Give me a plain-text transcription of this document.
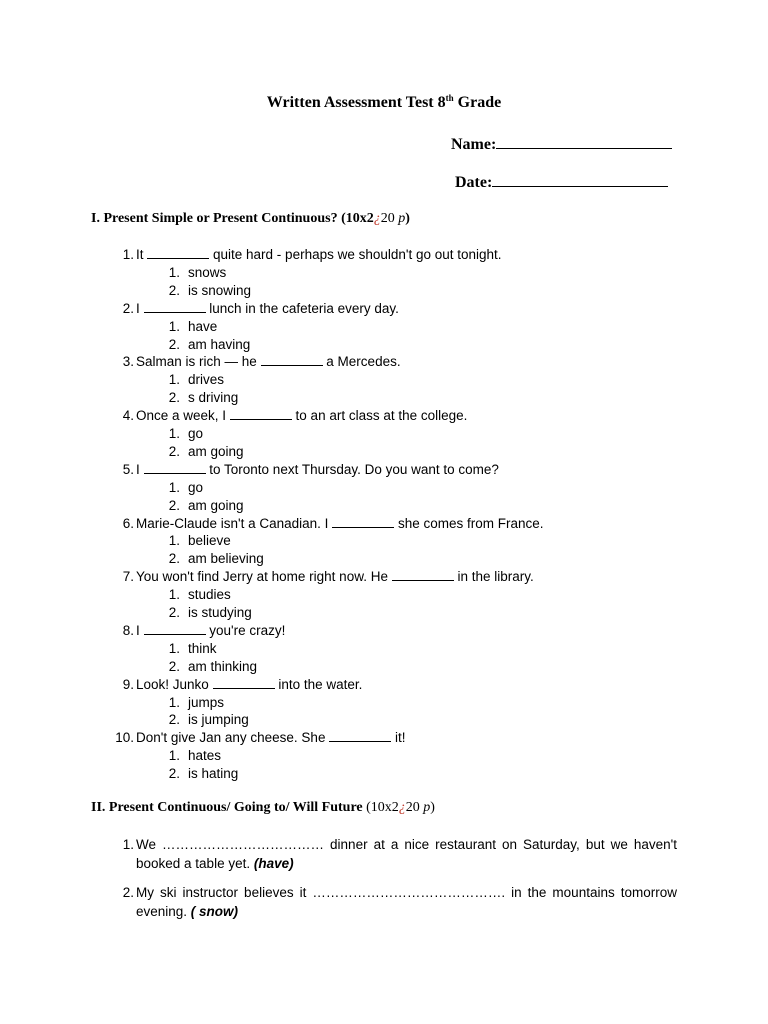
Written Assessment Test 8th Grade
Name:
Date:
I. Present Simple or Present Continuous? (10x2¿20 p)
1. It	quite hard - perhaps we shouldn't go out tonight.
1. snows
2. is snowing
2. I	lunch in the cafeteria every day.
1. have
2. am having
3. Salman is rich — he	a Mercedes.
1. drives
2. s driving
4. Once a week, I	to an art class at the college.
1. go
2. am going
5. I	to Toronto next Thursday. Do you want to come?
1. go
2. am going
6. Marie-Claude isn't a Canadian. I	she comes from France.
1. believe
2. am believing
7. You won't find Jerry at home right now. He	in the library.
1. studies
2. is studying
8. I	you're crazy!
1. think
2. am thinking
9. Look! Junko	into the water.
1. jumps
2. is jumping
10. Don't give Jan any cheese. She	it!
1. hates
2. is hating
II. Present Continuous/ Going to/ Will Future (10x2¿20 p)
1. We ……………………………… dinner at a nice restaurant on Saturday, but we haven't booked a table yet. (have)
2. My ski instructor believes it ……………………………………. in the mountains tomorrow evening. ( snow)
